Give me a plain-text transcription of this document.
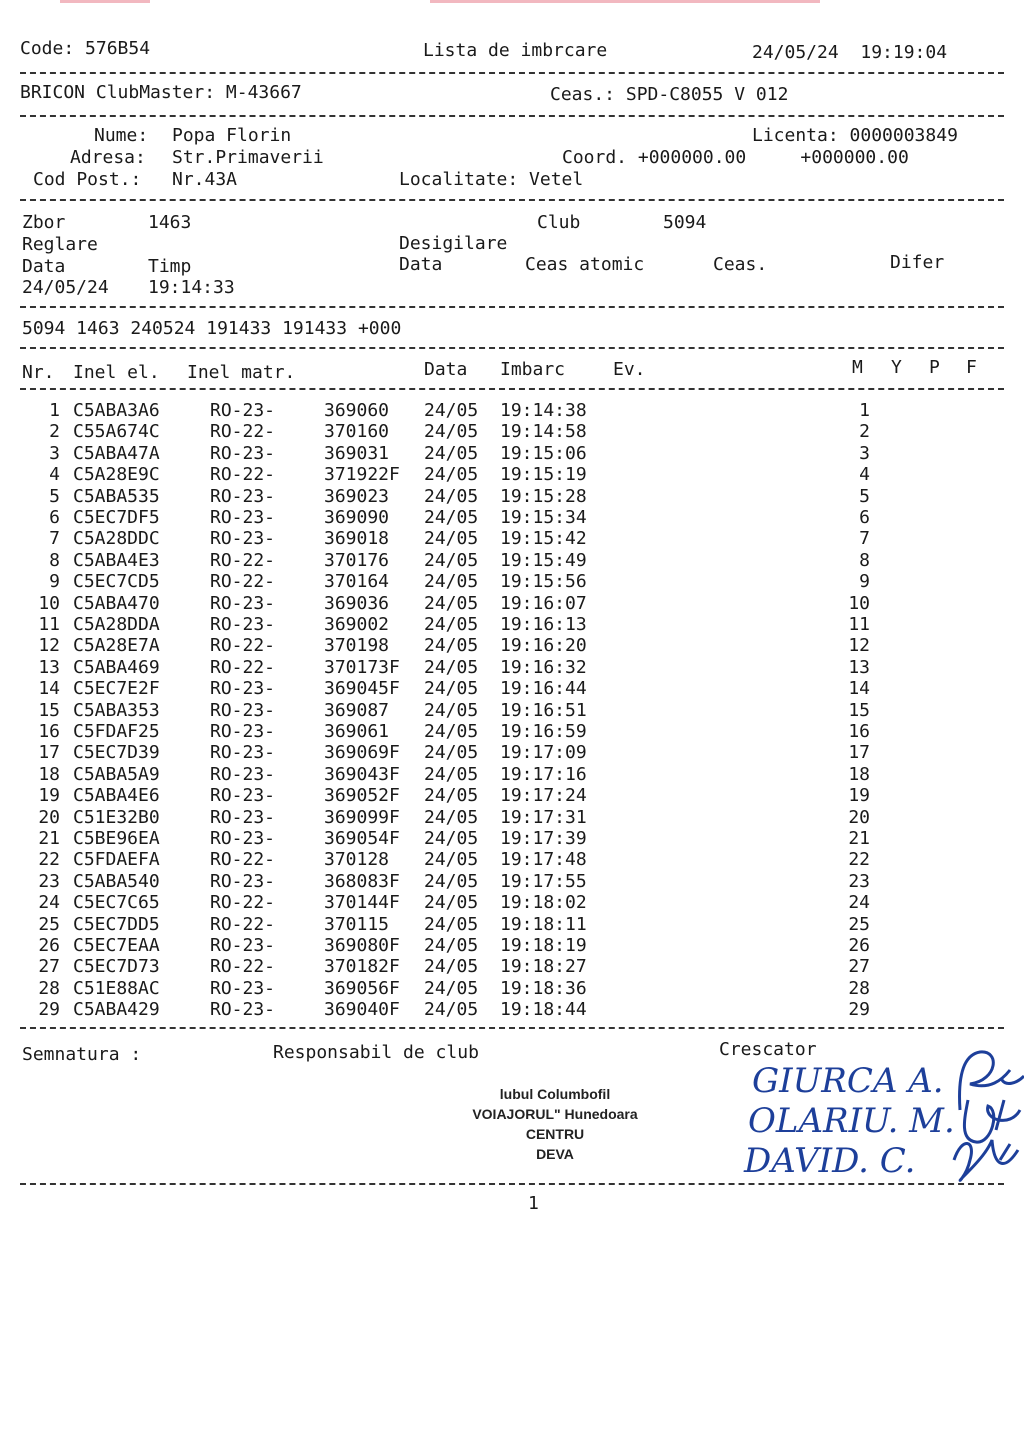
Code: 576B54	Lista de imbrcare	24/05/24  19:19:04
BRICON ClubMaster: M-43667	Ceas.: SPD-C8055 V 012
Nume: Popa Florin	Licenta: 0000003849
Adresa: Str.Primaverii	Coord. +000000.00     +000000.00
Cod Post.: Nr.43A	Localitate: Vetel
Zbor	1463	Club	5094
Reglare	Desigilare
Data	Timp	Data	Ceas atomic	Ceas.	Difer
24/05/24 19:14:33
5094 1463 240524 191433 191433 +000
Nr. Inel el. Inel matr.	Data Imbarc	Ev.	M Y P F
1 C5ABA3A6	RO-23-	369060 24/05 19:14:38	1
2 C55A674C	RO-22-	370160 24/05 19:14:58	2
3 C5ABA47A	RO-23-	369031 24/05 19:15:06	3
4 C5A28E9C	RO-22-	371922F 24/05 19:15:19	4
5 C5ABA535	RO-23-	369023 24/05 19:15:28	5
6 C5EC7DF5	RO-23-	369090 24/05 19:15:34	6
7 C5A28DDC	RO-23-	369018 24/05 19:15:42	7
8 C5ABA4E3	RO-22-	370176 24/05 19:15:49	8
9 C5EC7CD5	RO-22-	370164 24/05 19:15:56	9
10 C5ABA470	RO-23-	369036 24/05 19:16:07	10
11 C5A28DDA	RO-23-	369002 24/05 19:16:13	11
12 C5A28E7A	RO-22-	370198 24/05 19:16:20	12
13 C5ABA469	RO-22-	370173F 24/05 19:16:32	13
14 C5EC7E2F	RO-23-	369045F 24/05 19:16:44	14
15 C5ABA353	RO-23-	369087 24/05 19:16:51	15
16 C5FDAF25	RO-23-	369061 24/05 19:16:59	16
17 C5EC7D39	RO-23-	369069F 24/05 19:17:09	17
18 C5ABA5A9	RO-23-	369043F 24/05 19:17:16	18
19 C5ABA4E6	RO-23-	369052F 24/05 19:17:24	19
20 C51E32B0	RO-23-	369099F 24/05 19:17:31	20
21 C5BE96EA	RO-23-	369054F 24/05 19:17:39	21
22 C5FDAEFA	RO-22-	370128 24/05 19:17:48	22
23 C5ABA540	RO-23-	368083F 24/05 19:17:55	23
24 C5EC7C65	RO-22-	370144F 24/05 19:18:02	24
25 C5EC7DD5	RO-22-	370115 24/05 19:18:11	25
26 C5EC7EAA	RO-23-	369080F 24/05 19:18:19	26
27 C5EC7D73	RO-22-	370182F 24/05 19:18:27	27
28 C51E88AC	RO-23-	369056F 24/05 19:18:36	28
29 C5ABA429	RO-23-	369040F 24/05 19:18:44	29
Semnatura :	Responsabil de club	Crescator
lubul Columbofil
VOIAJORUL" Hunedoara
CENTRU
DEVA
GIURCA A.
OLARIU. M.
DAVID. C.
1
